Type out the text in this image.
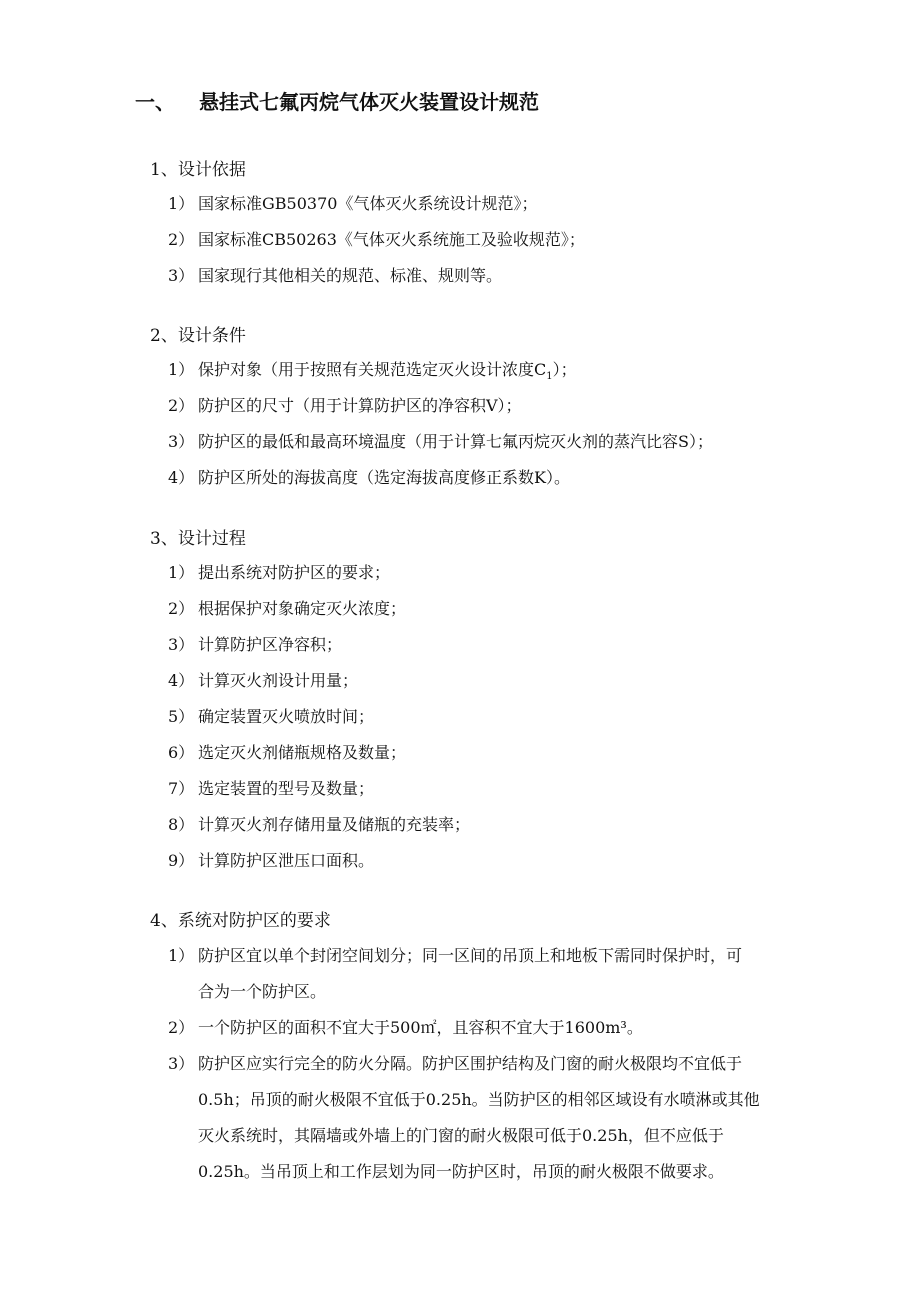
一、 悬挂式七氟丙烷气体灭火装置设计规范
1、设计依据
1） 国家标准GB50370《气体灭火系统设计规范》；
2） 国家标准CB50263《气体灭火系统施工及验收规范》；
3） 国家现行其他相关的规范、标准、规则等。
2、设计条件
1） 保护对象（用于按照有关规范选定灭火设计浓度$C_1$）；
2） 防护区的尺寸（用于计算防护区的净容积V）；
3） 防护区的最低和最高环境温度（用于计算七氟丙烷灭火剂的蒸汽比容S）；
4） 防护区所处的海拔高度（选定海拔高度修正系数K）。
3、设计过程
1） 提出系统对防护区的要求；
2） 根据保护对象确定灭火浓度；
3） 计算防护区净容积；
4） 计算灭火剂设计用量；
5） 确定装置灭火喷放时间；
6） 选定灭火剂储瓶规格及数量；
7） 选定装置的型号及数量；
8） 计算灭火剂存储用量及储瓶的充装率；
9） 计算防护区泄压口面积。
4、系统对防护区的要求
1） 防护区宜以单个封闭空间划分；同一区间的吊顶上和地板下需同时保护时，可
合为一个防护区。
2） 一个防护区的面积不宜大于500㎡，且容积不宜大于1600m³。
3） 防护区应实行完全的防火分隔。防护区围护结构及门窗的耐火极限均不宜低于
0.5h；吊顶的耐火极限不宜低于0.25h。当防护区的相邻区域设有水喷淋或其他
灭火系统时，其隔墙或外墙上的门窗的耐火极限可低于0.25h，但不应低于
0.25h。当吊顶上和工作层划为同一防护区时，吊顶的耐火极限不做要求。
